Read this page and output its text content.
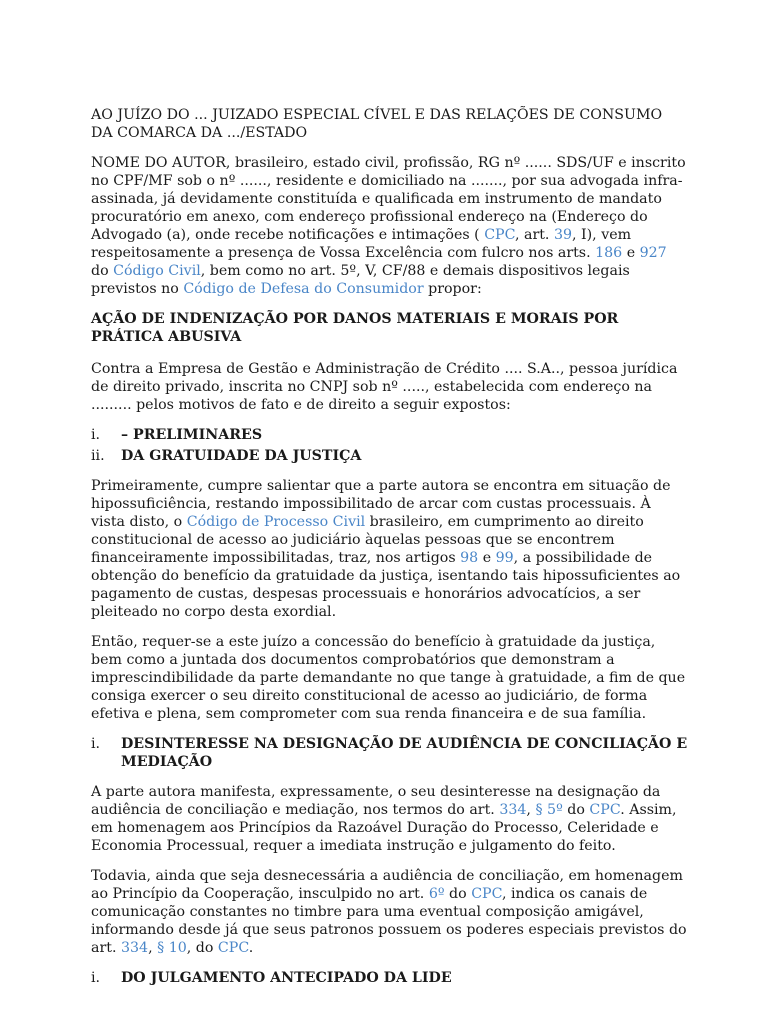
AO JUÍZO DO ... JUIZADO ESPECIAL CÍVEL E DAS RELAÇÕES DE CONSUMO DA COMARCA DA .../ESTADO

NOME DO AUTOR, brasileiro, estado civil, profissão, RG nº ...... SDS/UF e inscrito no CPF/MF sob o nº ......, residente e domiciliado na ......., por sua advogada infra-assinada, já devidamente constituída e qualificada em instrumento de mandato procuratório em anexo, com endereço profissional endereço na (Endereço do Advogado (a), onde recebe notificações e intimações ( CPC, art. 39, I), vem respeitosamente a presença de Vossa Excelência com fulcro nos arts. 186 e 927 do Código Civil, bem como no art. 5º, V, CF/88 e demais dispositivos legais previstos no Código de Defesa do Consumidor propor:

AÇÃO DE INDENIZAÇÃO POR DANOS MATERIAIS E MORAIS POR PRÁTICA ABUSIVA

Contra a Empresa de Gestão e Administração de Crédito .... S.A.., pessoa jurídica de direito privado, inscrita no CNPJ sob nº ....., estabelecida com endereço na ......... pelos motivos de fato e de direito a seguir expostos:

i.	– PRELIMINARES
ii.	DA GRATUIDADE DA JUSTIÇA

Primeiramente, cumpre salientar que a parte autora se encontra em situação de hipossuficiência, restando impossibilitado de arcar com custas processuais. À vista disto, o Código de Processo Civil brasileiro, em cumprimento ao direito constitucional de acesso ao judiciário àquelas pessoas que se encontrem financeiramente impossibilitadas, traz, nos artigos 98 e 99, a possibilidade de obtenção do benefício da gratuidade da justiça, isentando tais hipossuficientes ao pagamento de custas, despesas processuais e honorários advocatícios, a ser pleiteado no corpo desta exordial.

Então, requer-se a este juízo a concessão do benefício à gratuidade da justiça, bem como a juntada dos documentos comprobatórios que demonstram a imprescindibilidade da parte demandante no que tange à gratuidade, a fim de que consiga exercer o seu direito constitucional de acesso ao judiciário, de forma efetiva e plena, sem comprometer com sua renda financeira e de sua família.

i.	DESINTERESSE NA DESIGNAÇÃO DE AUDIÊNCIA DE CONCILIAÇÃO E MEDIAÇÃO

A parte autora manifesta, expressamente, o seu desinteresse na designação da audiência de conciliação e mediação, nos termos do art. 334, § 5º do CPC. Assim, em homenagem aos Princípios da Razoável Duração do Processo, Celeridade e Economia Processual, requer a imediata instrução e julgamento do feito.

Todavia, ainda que seja desnecessária a audiência de conciliação, em homenagem ao Princípio da Cooperação, insculpido no art. 6º do CPC, indica os canais de comunicação constantes no timbre para uma eventual composição amigável, informando desde já que seus patronos possuem os poderes especiais previstos do art. 334, § 10, do CPC.

i.	DO JULGAMENTO ANTECIPADO DA LIDE
